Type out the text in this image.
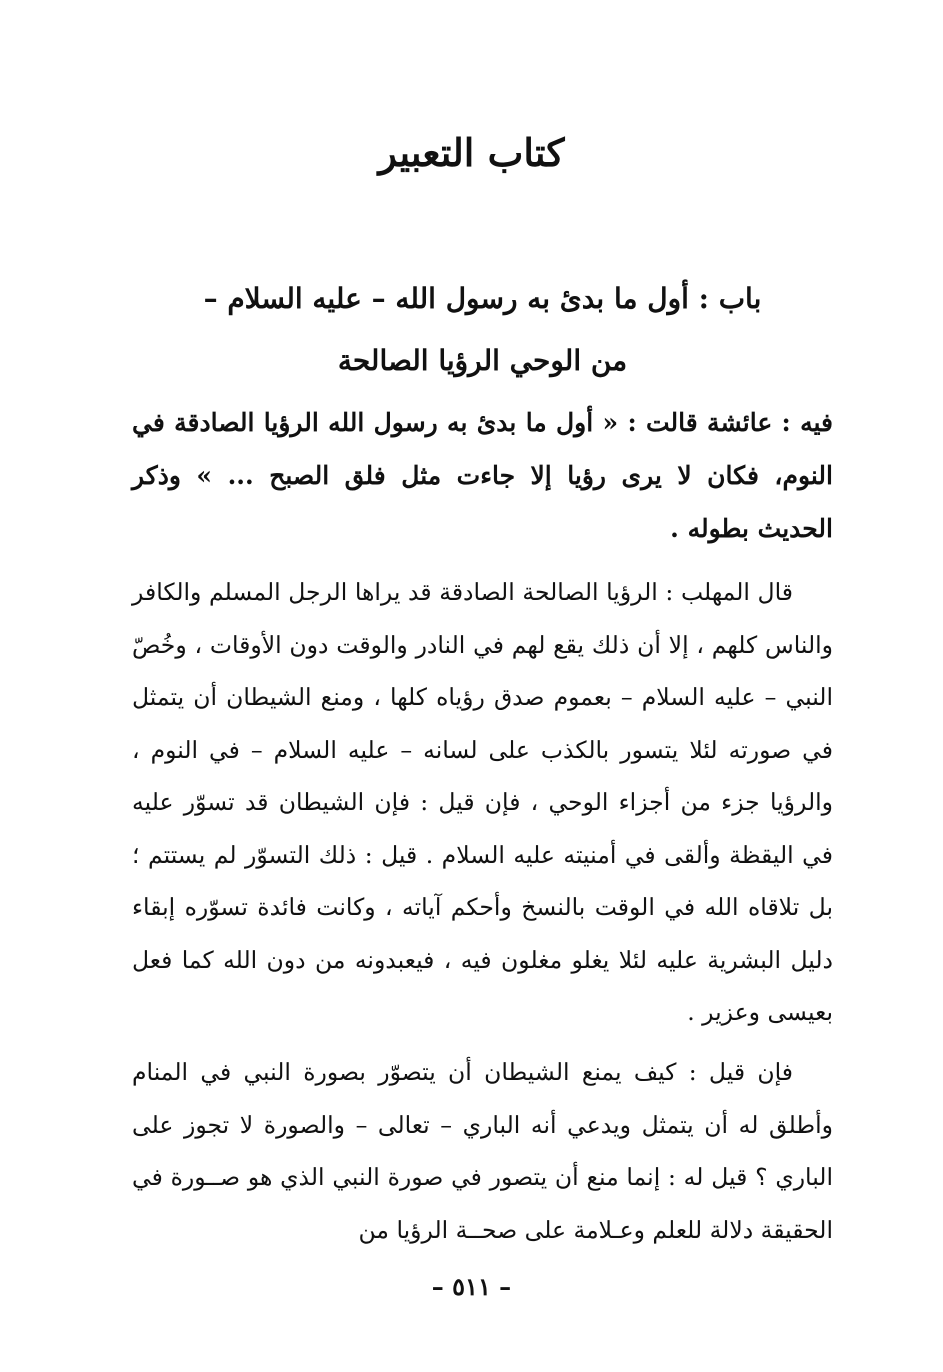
كتاب التعبير
باب : أول ما بدئ به رسول الله – عليه السلام –
من الوحي الرؤيا الصالحة

فيه : عائشة قالت : « أول ما بدئ به رسول الله الرؤيا الصادقة في النوم، فكان لا يرى رؤيا إلا جاءت مثل فلق الصبح ... » وذكر الحديث بطوله .

قال المهلب : الرؤيا الصالحة الصادقة قد يراها الرجل المسلم والكافر والناس كلهم ، إلا أن ذلك يقع لهم في النادر والوقت دون الأوقات ، وخُصّ النبي – عليه السلام – بعموم صدق رؤياه كلها ، ومنع الشيطان أن يتمثل في صورته لئلا يتسور بالكذب على لسانه – عليه السلام – في النوم ، والرؤيا جزء من أجزاء الوحي ، فإن قيل : فإن الشيطان قد تسوّر عليه في اليقظة وألقى في أمنيته عليه السلام . قيل : ذلك التسوّر لم يستتم ؛ بل تلاقاه الله في الوقت بالنسخ وأحكم آياته ، وكانت فائدة تسوّره إبقاء دليل البشرية عليه لئلا يغلو مغلون فيه ، فيعبدونه من دون الله كما فعل بعيسى وعزير .

فإن قيل : كيف يمنع الشيطان أن يتصوّر بصورة النبي في المنام وأطلق له أن يتمثل ويدعي أنه الباري – تعالى – والصورة لا تجوز على الباري ؟ قيل له : إنما منع أن يتصور في صورة النبي الذي هو صــورة في الحقيقة دلالة للعلم وعـلامة على صحــة الرؤيا من

– ٥١١ –
